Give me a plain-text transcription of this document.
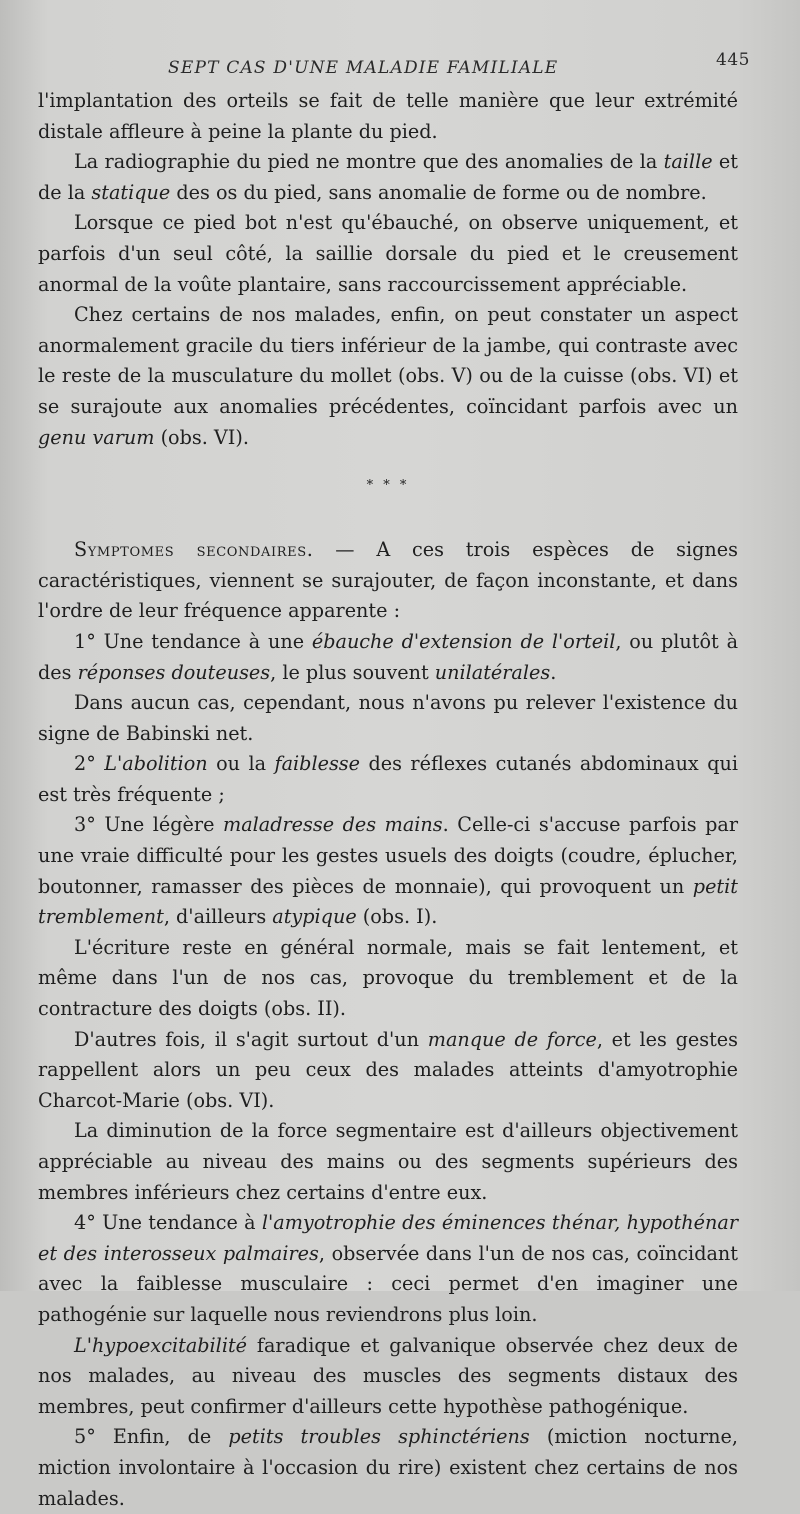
SEPT CAS D'UNE MALADIE FAMILIALE	445

l'implantation des orteils se fait de telle manière que leur extrémité distale affleure à peine la plante du pied.

La radiographie du pied ne montre que des anomalies de la taille et de la statique des os du pied, sans anomalie de forme ou de nombre.

Lorsque ce pied bot n'est qu'ébauché, on observe uniquement, et parfois d'un seul côté, la saillie dorsale du pied et le creusement anormal de la voûte plantaire, sans raccourcissement appréciable.

Chez certains de nos malades, enfin, on peut constater un aspect anormalement gracile du tiers inférieur de la jambe, qui contraste avec le reste de la musculature du mollet (obs. V) ou de la cuisse (obs. VI) et se surajoute aux anomalies précédentes, coïncidant parfois avec un genu varum (obs. VI).

* * *

Symptomes secondaires. — A ces trois espèces de signes caractéristiques, viennent se surajouter, de façon inconstante, et dans l'ordre de leur fréquence apparente :

1° Une tendance à une ébauche d'extension de l'orteil, ou plutôt à des réponses douteuses, le plus souvent unilatérales.

Dans aucun cas, cependant, nous n'avons pu relever l'existence du signe de Babinski net.

2° L'abolition ou la faiblesse des réflexes cutanés abdominaux qui est très fréquente ;

3° Une légère maladresse des mains. Celle-ci s'accuse parfois par une vraie difficulté pour les gestes usuels des doigts (coudre, éplucher, boutonner, ramasser des pièces de monnaie), qui provoquent un petit tremblement, d'ailleurs atypique (obs. I).

L'écriture reste en général normale, mais se fait lentement, et même dans l'un de nos cas, provoque du tremblement et de la contracture des doigts (obs. II).

D'autres fois, il s'agit surtout d'un manque de force, et les gestes rappellent alors un peu ceux des malades atteints d'amyotrophie Charcot-Marie (obs. VI).

La diminution de la force segmentaire est d'ailleurs objectivement appréciable au niveau des mains ou des segments supérieurs des membres inférieurs chez certains d'entre eux.

4° Une tendance à l'amyotrophie des éminences thénar, hypothénar et des interosseux palmaires, observée dans l'un de nos cas, coïncidant avec la faiblesse musculaire : ceci permet d'en imaginer une pathogénie sur laquelle nous reviendrons plus loin.

L'hypoexcitabilité faradique et galvanique observée chez deux de nos malades, au niveau des muscles des segments distaux des membres, peut confirmer d'ailleurs cette hypothèse pathogénique.

5° Enfin, de petits troubles sphinctériens (miction nocturne, miction involontaire à l'occasion du rire) existent chez certains de nos malades.
